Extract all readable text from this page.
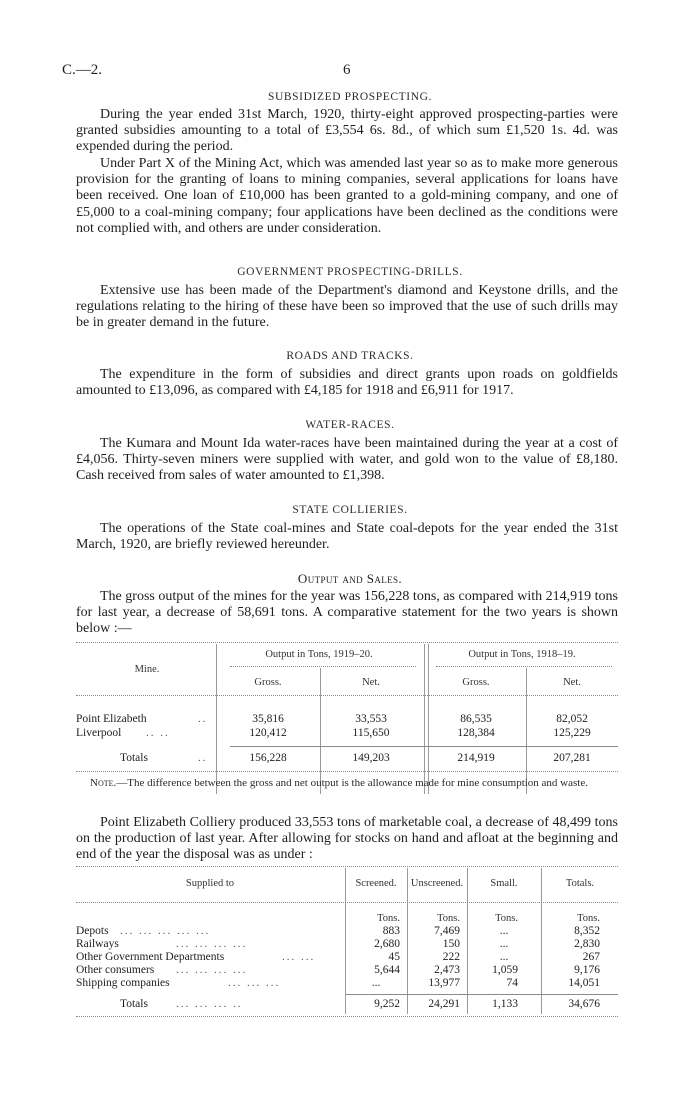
C.—2.	6
SUBSIDIZED PROSPECTING.

During the year ended 31st March, 1920, thirty-eight approved prospecting-parties were granted subsidies amounting to a total of £3,554 6s. 8d., of which sum £1,520 1s. 4d. was expended during the period.

Under Part X of the Mining Act, which was amended last year so as to make more generous provision for the granting of loans to mining companies, several applications for loans have been received. One loan of £10,000 has been granted to a gold-mining company, and one of £5,000 to a coal-mining company; four applications have been declined as the conditions were not complied with, and others are under consideration.

GOVERNMENT PROSPECTING-DRILLS.

Extensive use has been made of the Department's diamond and Keystone drills, and the regulations relating to the hiring of these have been so improved that the use of such drills may be in greater demand in the future.

ROADS AND TRACKS.

The expenditure in the form of subsidies and direct grants upon roads on goldfields amounted to £13,096, as compared with £4,185 for 1918 and £6,911 for 1917.

WATER-RACES.

The Kumara and Mount Ida water-races have been maintained during the year at a cost of £4,056. Thirty-seven miners were supplied with water, and gold won to the value of £8,180. Cash received from sales of water amounted to £1,398.

STATE COLLIERIES.

The operations of the State coal-mines and State coal-depots for the year ended the 31st March, 1920, are briefly reviewed hereunder.

Output and Sales.

The gross output of the mines for the year was 156,228 tons, as compared with 214,919 tons for last year, a decrease of 58,691 tons. A comparative statement for the two years is shown below :—

Mine.
Output in Tons, 1919–20.	Output in Tons, 1918–19.
Gross.	Net.	Gross.	Net.
Point Elizabeth	..	35,816	33,553	86,535	82,052
Liverpool .. ..	120,412	115,650	128,384	125,229
Totals	..	156,228	149,203	214,919	207,281

Note.—The difference between the gross and net output is the allowance made for mine consumption and waste.

Point Elizabeth Colliery produced 33,553 tons of marketable coal, a decrease of 48,499 tons on the production of last year. After allowing for stocks on hand and afloat at the beginning and end of the year the disposal was as under :

Supplied to	Screened.	Unscreened.	Small.	Totals.
Tons.	Tons.	Tons.	Tons.
Depots ... ... ... ... ...	883	7,469	...	8,352
Railways	... ... ... ...	2,680	150	...	2,830
Other Government Departments	... ...	45	222	...	267
Other consumers ... ... ... ...	5,644	2,473	1,059	9,176
Shipping companies	... ... ...	...	13,977	74	14,051
Totals	... ... ... ..	9,252	24,291	1,133	34,676
